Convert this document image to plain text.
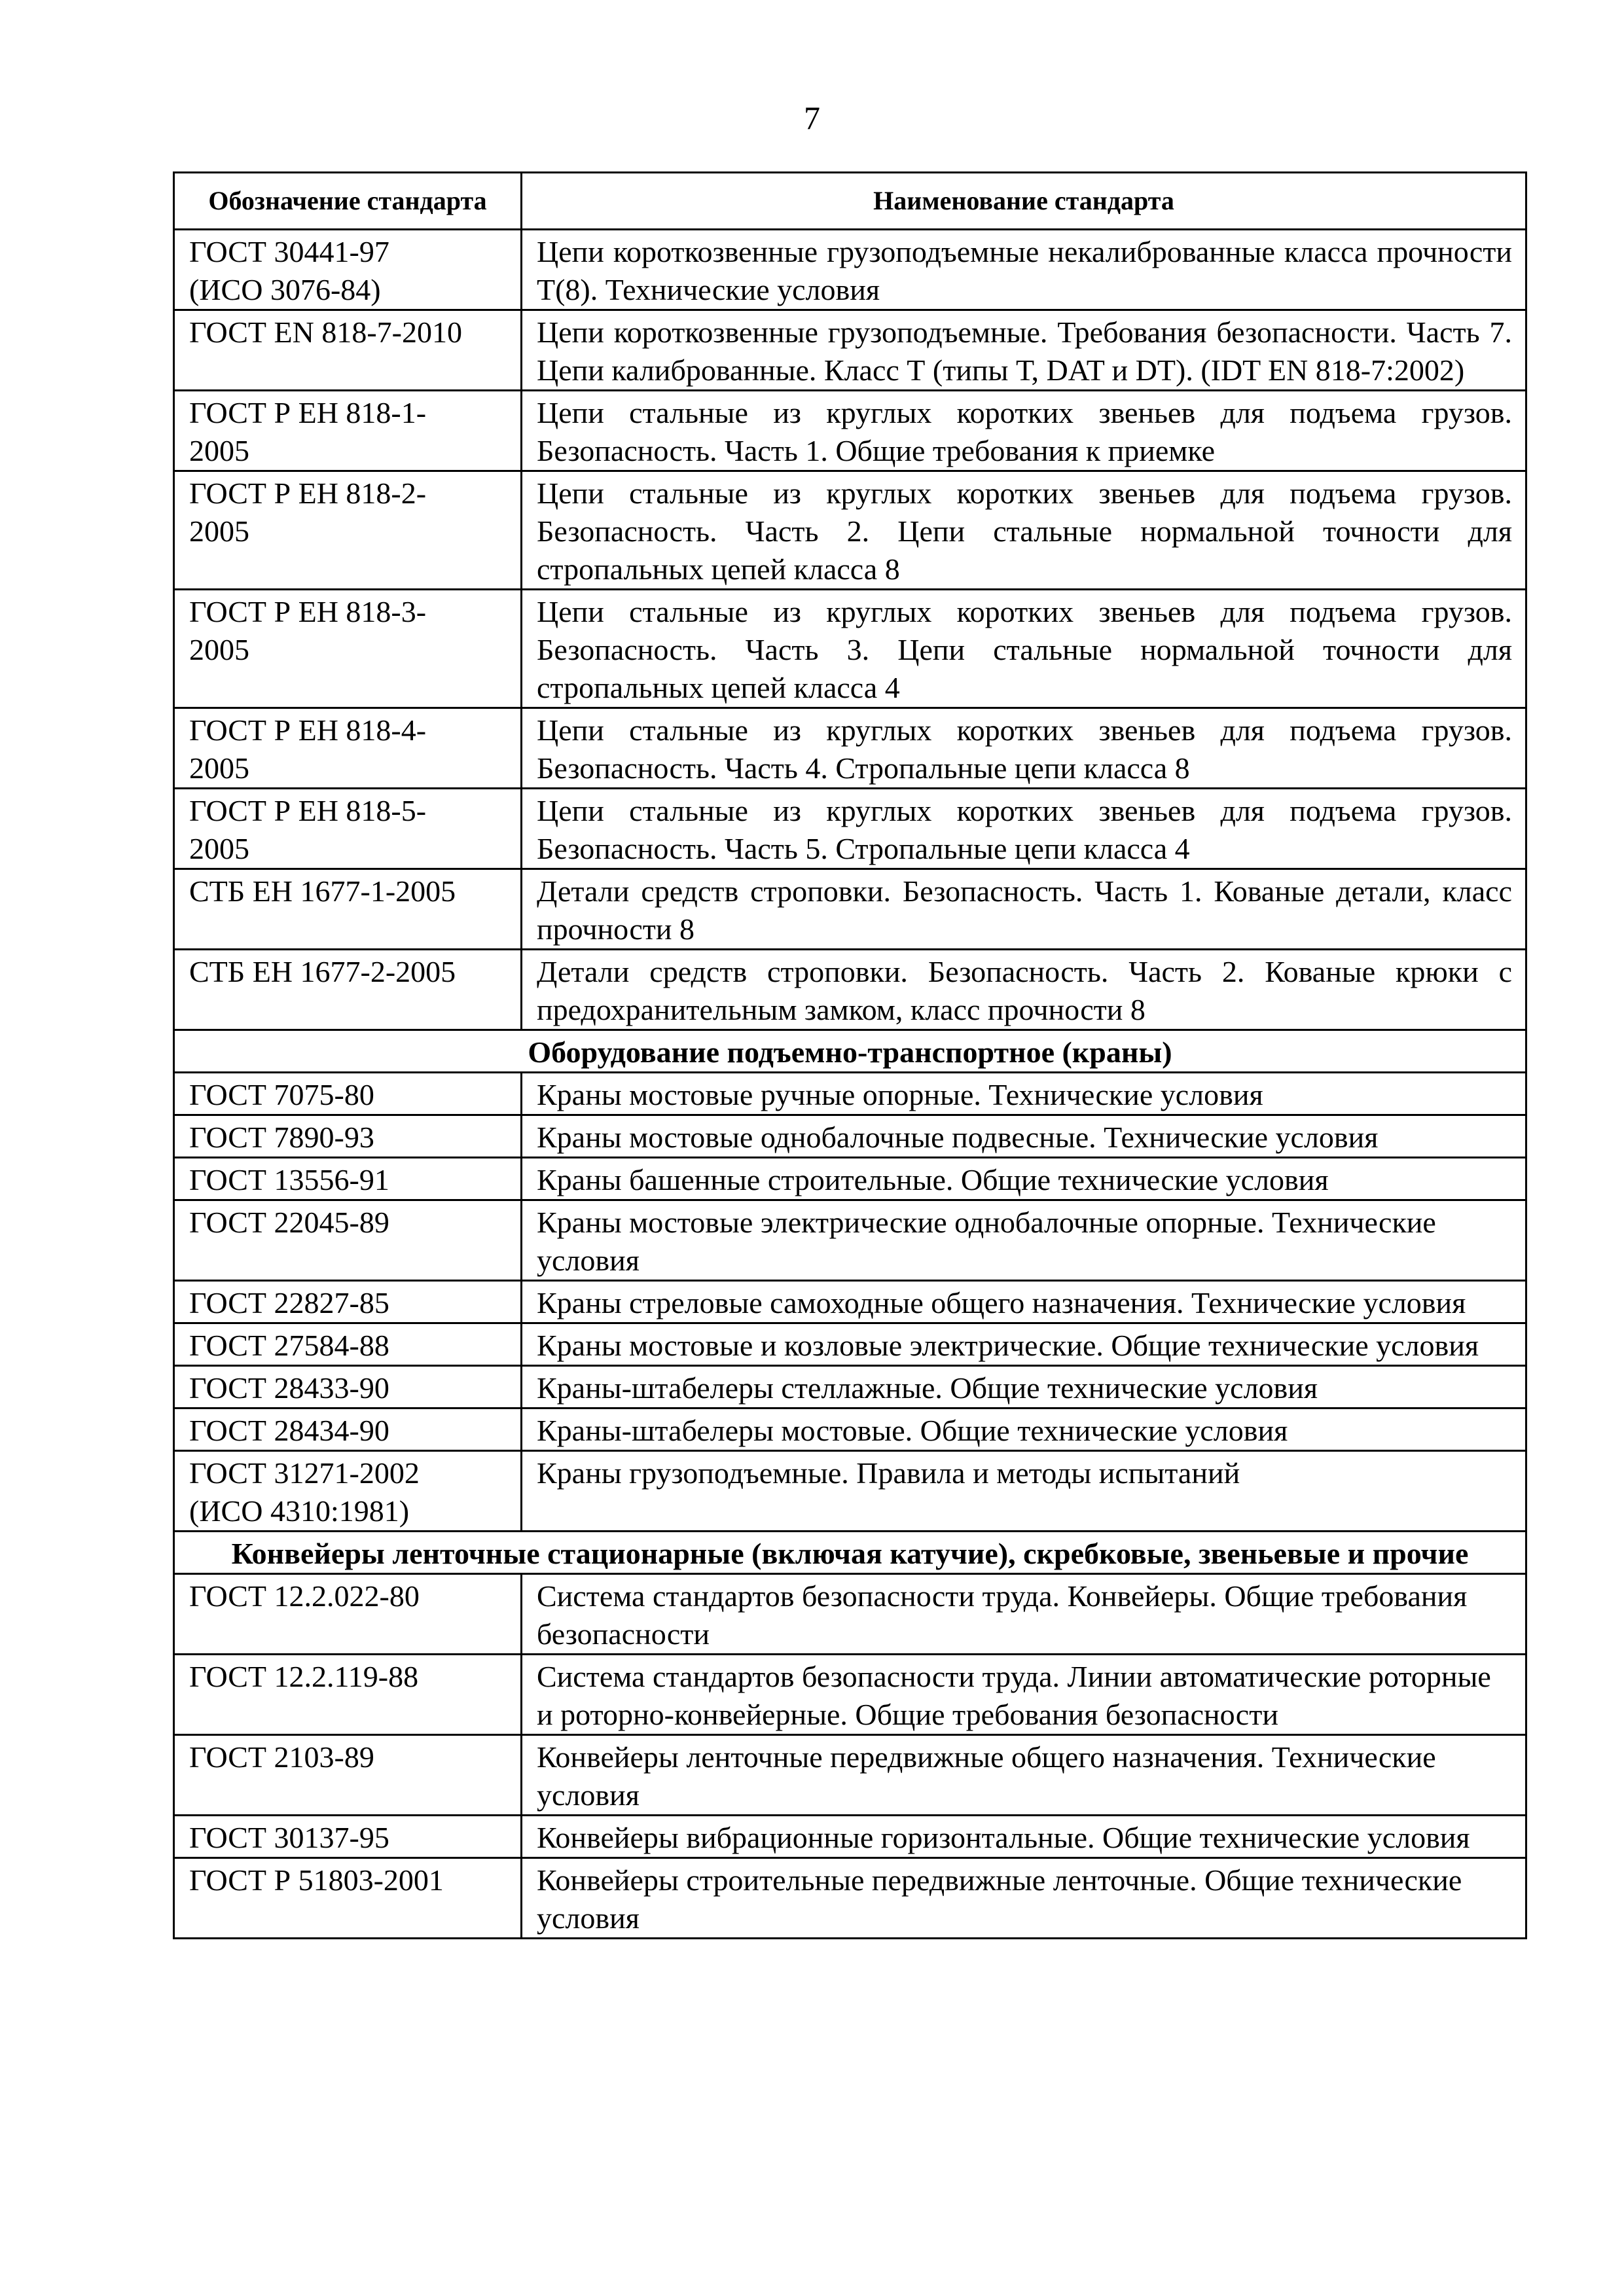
7
Обозначение стандарта	Наименование стандарта

ГОСТ 30441-97
(ИСО 3076-84)	Цепи короткозвенные грузоподъемные некалиброванные класса прочности Т(8). Технические условия

ГОСТ EN 818-7-2010	Цепи короткозвенные грузоподъемные. Требования безопасности. Часть 7. Цепи калиброванные. Класс Т (типы Т, DAT и DT). (IDT EN 818-7:2002)

ГОСТ Р ЕН 818-1-
2005	Цепи стальные из круглых коротких звеньев для подъема грузов. Безопасность. Часть 1. Общие требования к приемке

ГОСТ Р ЕН 818-2-
2005	Цепи стальные из круглых коротких звеньев для подъема грузов. Безопасность. Часть 2. Цепи стальные нормальной точности для стропальных цепей класса 8

ГОСТ Р ЕН 818-3-
2005	Цепи стальные из круглых коротких звеньев для подъема грузов. Безопасность. Часть 3. Цепи стальные нормальной точности для стропальных цепей класса 4

ГОСТ Р ЕН 818-4-
2005	Цепи стальные из круглых коротких звеньев для подъема грузов. Безопасность. Часть 4. Стропальные цепи класса 8

ГОСТ Р ЕН 818-5-
2005	Цепи стальные из круглых коротких звеньев для подъема грузов. Безопасность. Часть 5. Стропальные цепи класса 4

СТБ ЕН 1677-1-2005	Детали средств строповки. Безопасность. Часть 1. Кованые детали, класс прочности 8

СТБ ЕН 1677-2-2005	Детали средств строповки. Безопасность. Часть 2. Кованые крюки с предохранительным замком, класс прочности 8
Оборудование подъемно-транспортное (краны)	

ГОСТ 7075-80	Краны мостовые ручные опорные. Технические условия

ГОСТ 7890-93	Краны мостовые однобалочные подвесные. Технические условия

ГОСТ 13556-91	Краны башенные строительные. Общие технические условия

ГОСТ 22045-89	Краны мостовые электрические однобалочные опорные. Технические условия

ГОСТ 22827-85	Краны стреловые самоходные общего назначения. Технические условия

ГОСТ 27584-88	Краны мостовые и козловые электрические. Общие технические условия

ГОСТ 28433-90	Краны-штабелеры стеллажные. Общие технические условия

ГОСТ 28434-90	Краны-штабелеры мостовые. Общие технические условия

ГОСТ 31271-2002
(ИСО 4310:1981)	Краны грузоподъемные. Правила и методы испытаний
Конвейеры ленточные стационарные (включая катучие), скребковые, звеньевые и прочие	

ГОСТ 12.2.022-80	Система стандартов безопасности труда. Конвейеры. Общие требования безопасности

ГОСТ 12.2.119-88	Система стандартов безопасности труда. Линии автоматические роторные и роторно-конвейерные. Общие требования безопасности

ГОСТ 2103-89	Конвейеры ленточные передвижные общего назначения. Технические условия

ГОСТ 30137-95	Конвейеры вибрационные горизонтальные. Общие технические условия

ГОСТ Р 51803-2001	Конвейеры строительные передвижные ленточные. Общие технические условия
